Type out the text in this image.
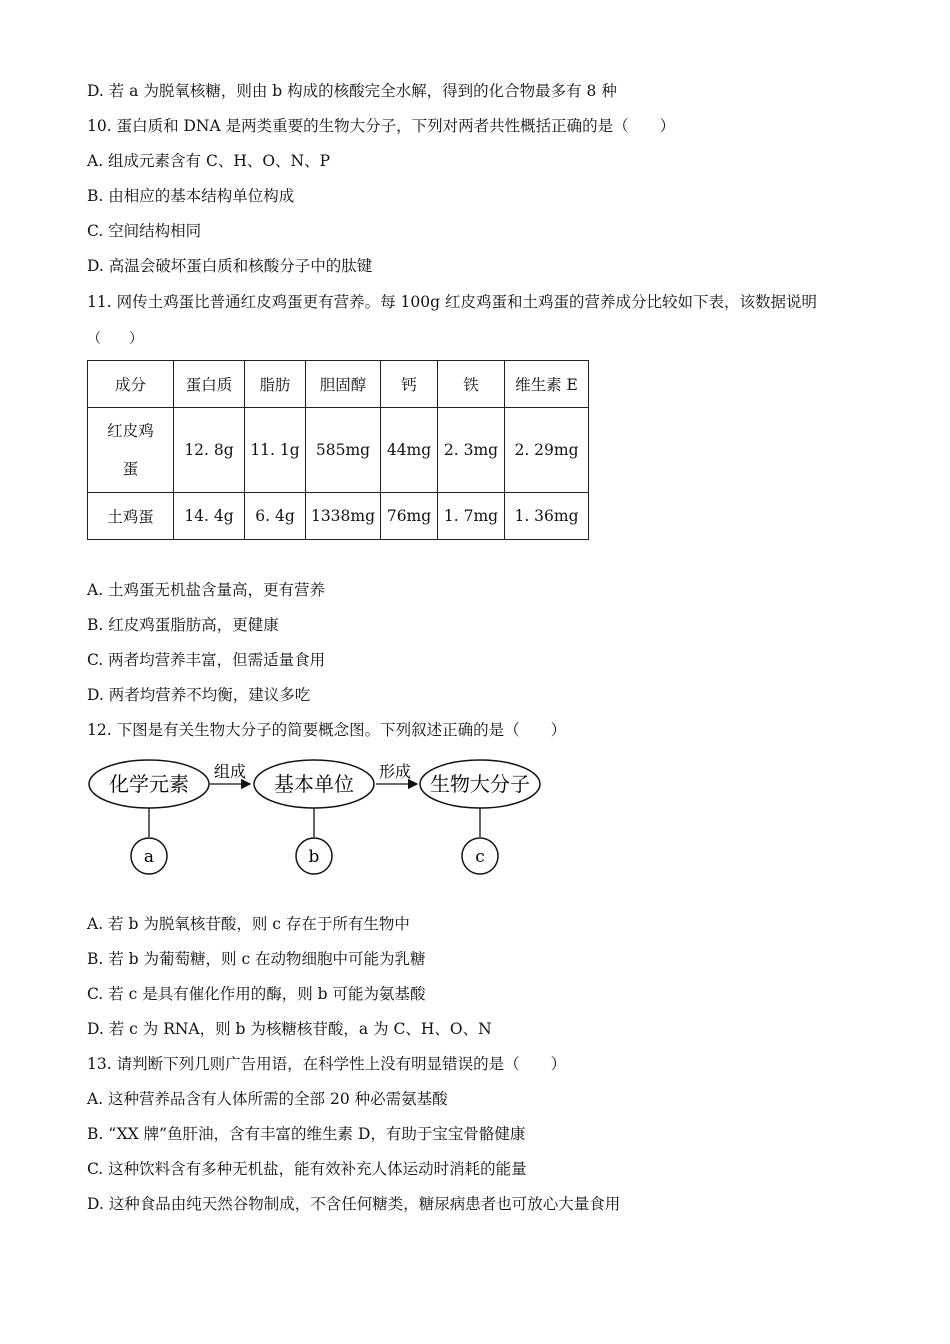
D. 若 a 为脱氧核糖，则由 b 构成的核酸完全水解，得到的化合物最多有 8 种
10. 蛋白质和 DNA 是两类重要的生物大分子，下列对两者共性概括正确的是（　　）
A. 组成元素含有 C、H、O、N、P
B. 由相应的基本结构单位构成
C. 空间结构相同
D. 高温会破坏蛋白质和核酸分子中的肽键
11. 网传土鸡蛋比普通红皮鸡蛋更有营养。每 100g 红皮鸡蛋和土鸡蛋的营养成分比较如下表，该数据说明
（　　）
成分	蛋白质	脂肪	胆固醇	钙	铁	维生素 E
红皮鸡蛋	12. 8g	11. 1g	585mg	44mg	2. 3mg	2. 29mg
土鸡蛋	14. 4g	6. 4g	1338mg	76mg	1. 7mg	1. 36mg
A. 土鸡蛋无机盐含量高，更有营养
B. 红皮鸡蛋脂肪高，更健康
C. 两者均营养丰富，但需适量食用
D. 两者均营养不均衡，建议多吃
12. 下图是有关生物大分子的简要概念图。下列叙述正确的是（　　）
化学元素
组成
基本单位
形成
生物大分子
a	b	c
A. 若 b 为脱氧核苷酸，则 c 存在于所有生物中
B. 若 b 为葡萄糖，则 c 在动物细胞中可能为乳糖
C. 若 c 是具有催化作用的酶，则 b 可能为氨基酸
D. 若 c 为 RNA，则 b 为核糖核苷酸，a 为 C、H、O、N
13. 请判断下列几则广告用语，在科学性上没有明显错误的是（　　）
A. 这种营养品含有人体所需的全部 20 种必需氨基酸
B. “XX 牌”鱼肝油，含有丰富的维生素 D，有助于宝宝骨骼健康
C. 这种饮料含有多种无机盐，能有效补充人体运动时消耗的能量
D. 这种食品由纯天然谷物制成，不含任何糖类，糖尿病患者也可放心大量食用
